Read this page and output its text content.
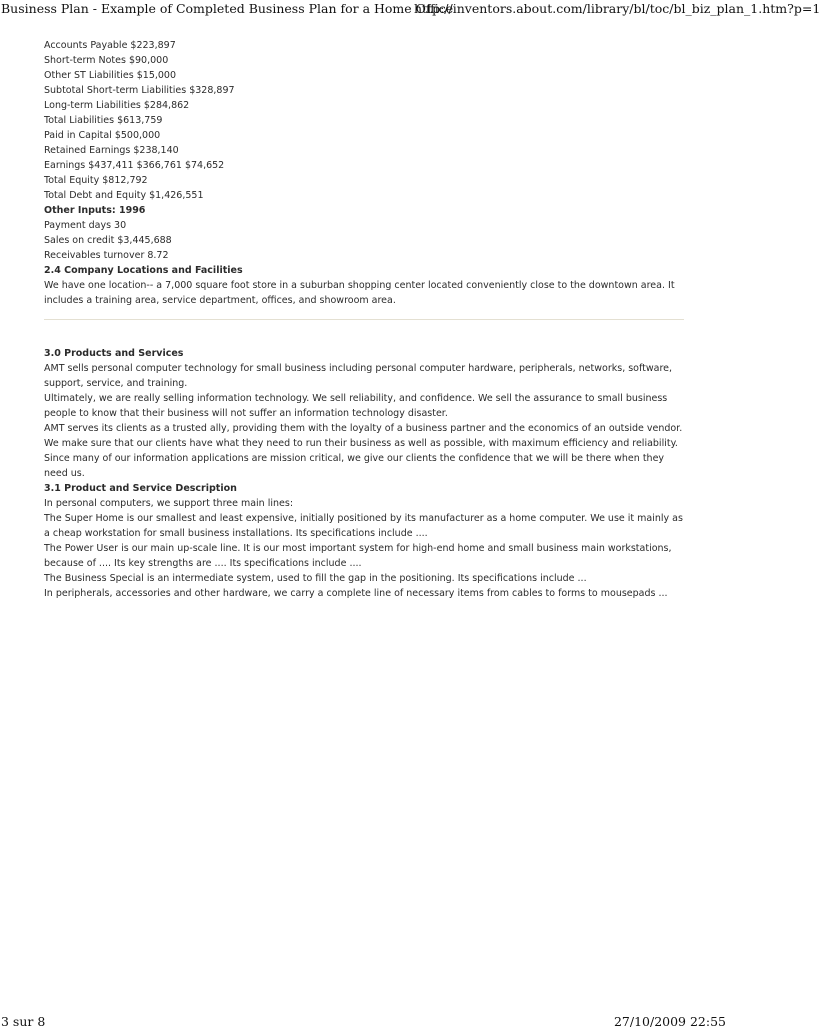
Business Plan - Example of Completed Business Plan for a Home Office
http://inventors.about.com/library/bl/toc/bl_biz_plan_1.htm?p=1

Accounts Payable $223,897

Short-term Notes $90,000

Other ST Liabilities $15,000

Subtotal Short-term Liabilities $328,897

Long-term Liabilities $284,862

Total Liabilities $613,759

Paid in Capital $500,000

Retained Earnings $238,140

Earnings $437,411 $366,761 $74,652

Total Equity $812,792

Total Debt and Equity $1,426,551

Other Inputs: 1996

Payment days 30

Sales on credit $3,445,688

Receivables turnover 8.72

2.4 Company Locations and Facilities

We have one location-- a 7,000 square foot store in a suburban shopping center located conveniently close to the downtown area. It includes a training area, service department, offices, and showroom area.

3.0 Products and Services

AMT sells personal computer technology for small business including personal computer hardware, peripherals, networks, software, support, service, and training.

Ultimately, we are really selling information technology. We sell reliability, and confidence. We sell the assurance to small business people to know that their business will not suffer an information technology disaster.

AMT serves its clients as a trusted ally, providing them with the loyalty of a business partner and the economics of an outside vendor. We make sure that our clients have what they need to run their business as well as possible, with maximum efficiency and reliability. Since many of our information applications are mission critical, we give our clients the confidence that we will be there when they need us.

3.1 Product and Service Description

In personal computers, we support three main lines:

The Super Home is our smallest and least expensive, initially positioned by its manufacturer as a home computer. We use it mainly as a cheap workstation for small business installations. Its specifications include ....

The Power User is our main up-scale line. It is our most important system for high-end home and small business main workstations, because of .... Its key strengths are .... Its specifications include ....

The Business Special is an intermediate system, used to fill the gap in the positioning. Its specifications include ...

In peripherals, accessories and other hardware, we carry a complete line of necessary items from cables to forms to mousepads ...

3 sur 8	27/10/2009 22:55
